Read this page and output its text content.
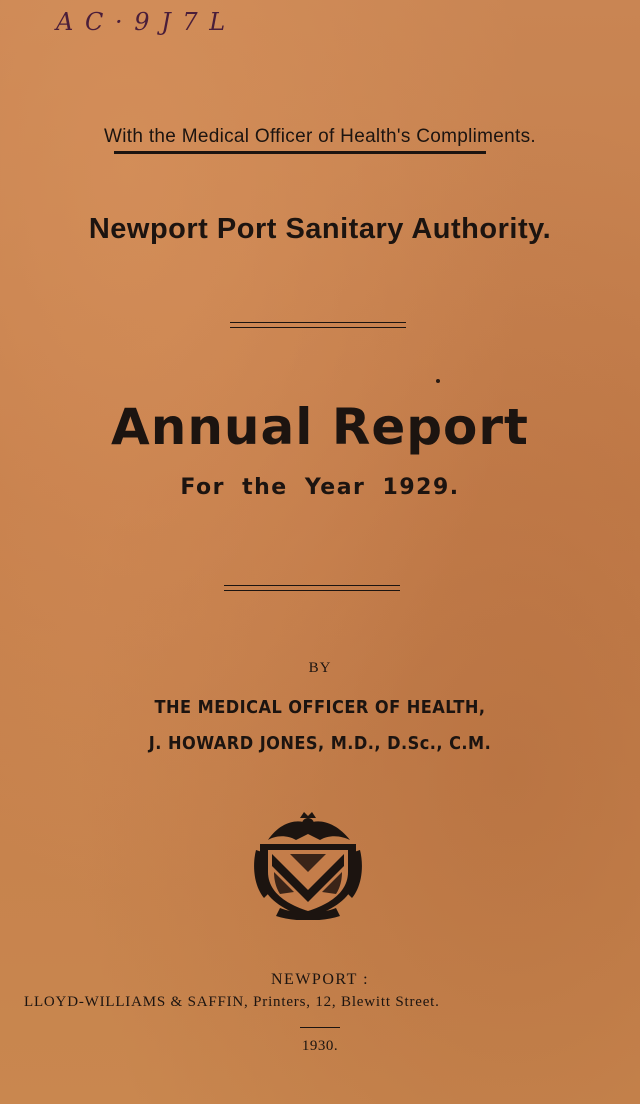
A C · 9 J 7 L
With the Medical Officer of Health's Compliments.
Newport Port Sanitary Authority.
Annual Report
For the Year 1929.
BY
THE MEDICAL OFFICER OF HEALTH,
J. HOWARD JONES, M.D., D.Sc., C.M.
NEWPORT :
LLOYD-WILLIAMS & SAFFIN, Printers, 12, Blewitt Street.
1930.
